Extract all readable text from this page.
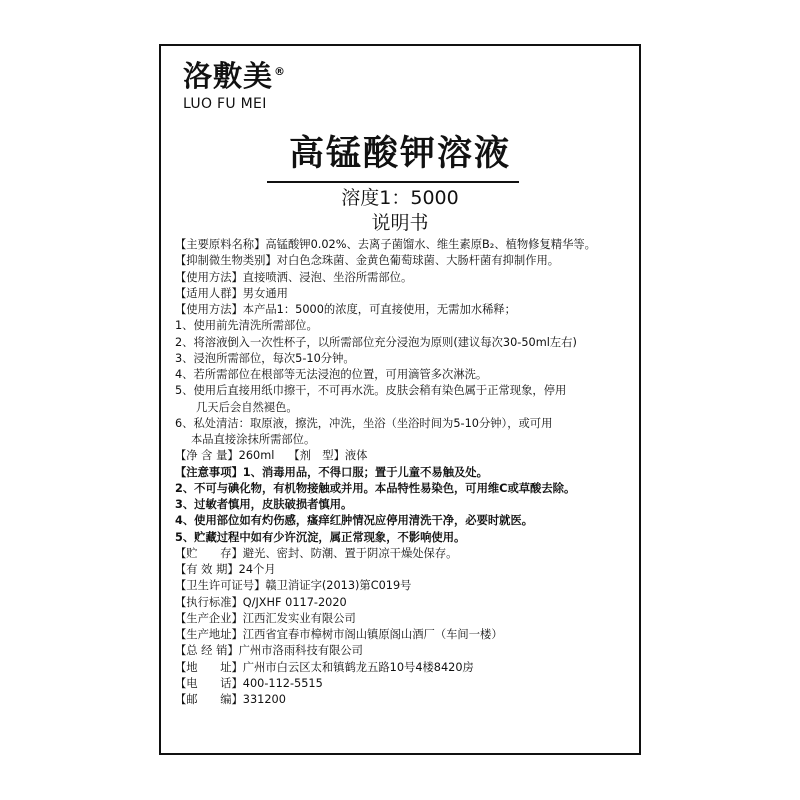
洛敷美®
LUO FU MEI
高锰酸钾溶液
溶度1：5000
说明书
【主要原料名称】高锰酸钾0.02%、去离子菌馏水、维生素原B₂、植物修复精华等。
【抑制微生物类别】对白色念珠菌、金黄色葡萄球菌、大肠杆菌有抑制作用。
【使用方法】直接喷洒、浸泡、坐浴所需部位。
【适用人群】男女通用
【使用方法】本产品1：5000的浓度，可直接使用，无需加水稀释；
1、使用前先清洗所需部位。
2、将溶液倒入一次性杯子，以所需部位充分浸泡为原则(建议每次30-50ml左右)
3、浸泡所需部位，每次5-10分钟。
4、若所需部位在根部等无法浸泡的位置，可用滴管多次淋洗。
5、使用后直接用纸巾擦干，不可再水洗。皮肤会稍有染色属于正常现象，停用
几天后会自然褪色。
6、私处清洁：取原液，擦洗，冲洗，坐浴（坐浴时间为5-10分钟），或可用
本品直接涂抹所需部位。
【净 含 量】260ml 【剂　型】液体
【注意事项】1、消毒用品，不得口服；置于儿童不易触及处。
2、不可与碘化物，有机物接触或并用。本品特性易染色，可用维C或草酸去除。
3、过敏者慎用，皮肤破损者慎用。
4、使用部位如有灼伤感，瘙痒红肿情况应停用清洗干净，必要时就医。
5、贮藏过程中如有少许沉淀，属正常现象，不影响使用。
【贮　　存】避光、密封、防潮、置于阴凉干燥处保存。
【有 效 期】24个月
【卫生许可证号】赣卫消证字(2013)第C019号
【执行标准】Q/JXHF 0117-2020
【生产企业】江西汇发实业有限公司
【生产地址】江西省宜春市樟树市阁山镇原阁山酒厂（车间一楼）
【总 经 销】广州市洛雨科技有限公司
【地　　址】广州市白云区太和镇鹤龙五路10号4楼8420房
【电　　话】400-112-5515
【邮　　编】331200
